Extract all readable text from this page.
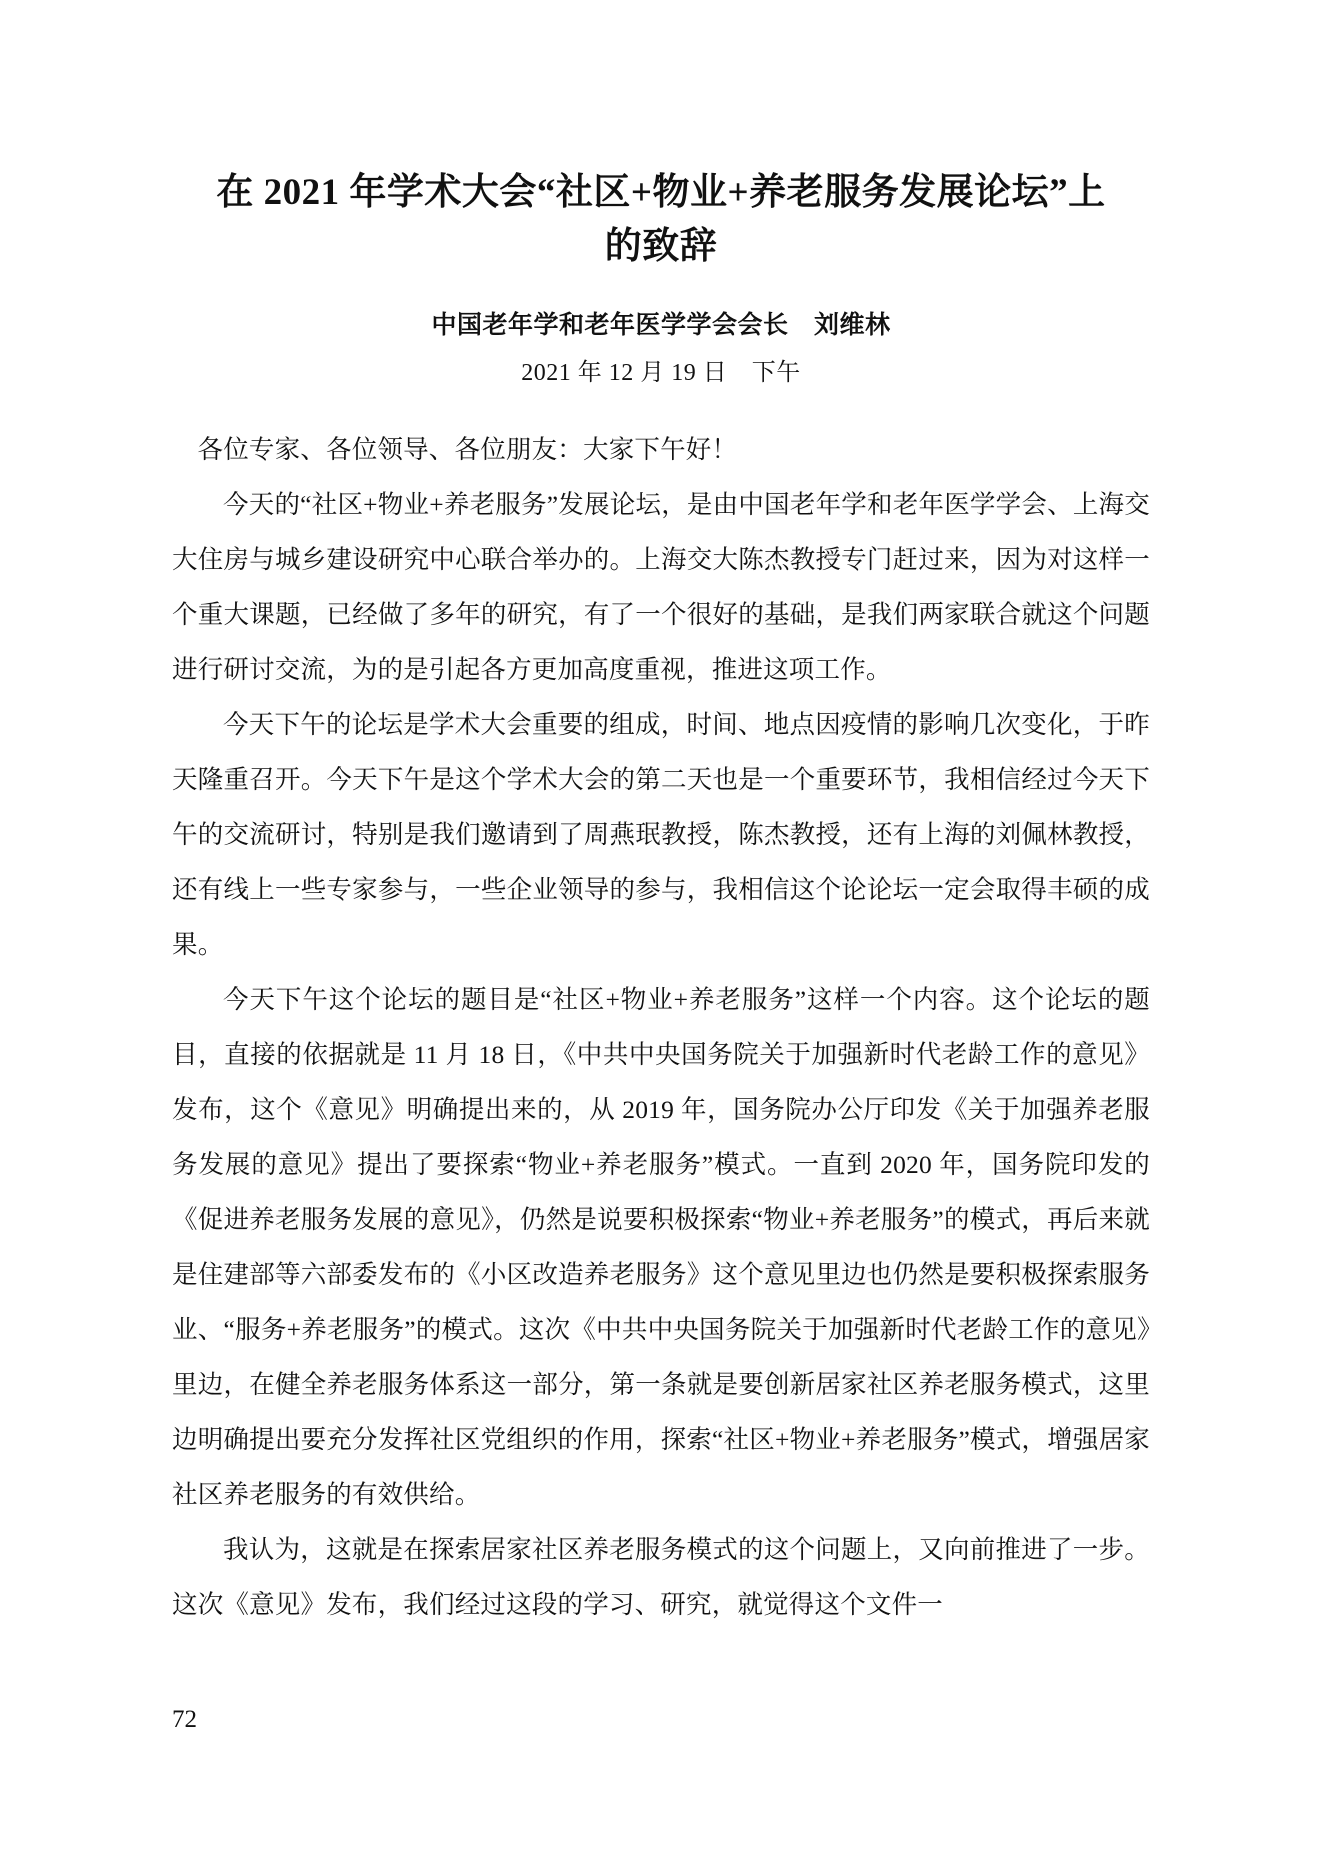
在 2021 年学术大会“社区+物业+养老服务发展论坛”上
的致辞
中国老年学和老年医学学会会长　刘维林
2021 年 12 月 19 日　下午

各位专家、各位领导、各位朋友：大家下午好！

今天的“社区+物业+养老服务”发展论坛，是由中国老年学和老年医学学会、上海交大住房与城乡建设研究中心联合举办的。上海交大陈杰教授专门赶过来，因为对这样一个重大课题，已经做了多年的研究，有了一个很好的基础，是我们两家联合就这个问题进行研讨交流，为的是引起各方更加高度重视，推进这项工作。

今天下午的论坛是学术大会重要的组成，时间、地点因疫情的影响几次变化，于昨天隆重召开。今天下午是这个学术大会的第二天也是一个重要环节，我相信经过今天下午的交流研讨，特别是我们邀请到了周燕珉教授，陈杰教授，还有上海的刘佩林教授，还有线上一些专家参与，一些企业领导的参与，我相信这个论论坛一定会取得丰硕的成果。

今天下午这个论坛的题目是“社区+物业+养老服务”这样一个内容。这个论坛的题目，直接的依据就是 11 月 18 日，《中共中央国务院关于加强新时代老龄工作的意见》发布，这个《意见》明确提出来的，从 2019 年，国务院办公厅印发《关于加强养老服务发展的意见》提出了要探索“物业+养老服务”模式。一直到 2020 年，国务院印发的《促进养老服务发展的意见》，仍然是说要积极探索“物业+养老服务”的模式，再后来就是住建部等六部委发布的《小区改造养老服务》这个意见里边也仍然是要积极探索服务业、“服务+养老服务”的模式。这次《中共中央国务院关于加强新时代老龄工作的意见》里边，在健全养老服务体系这一部分，第一条就是要创新居家社区养老服务模式，这里边明确提出要充分发挥社区党组织的作用，探索“社区+物业+养老服务”模式，增强居家社区养老服务的有效供给。

我认为，这就是在探索居家社区养老服务模式的这个问题上，又向前推进了一步。这次《意见》发布，我们经过这段的学习、研究，就觉得这个文件一

72
